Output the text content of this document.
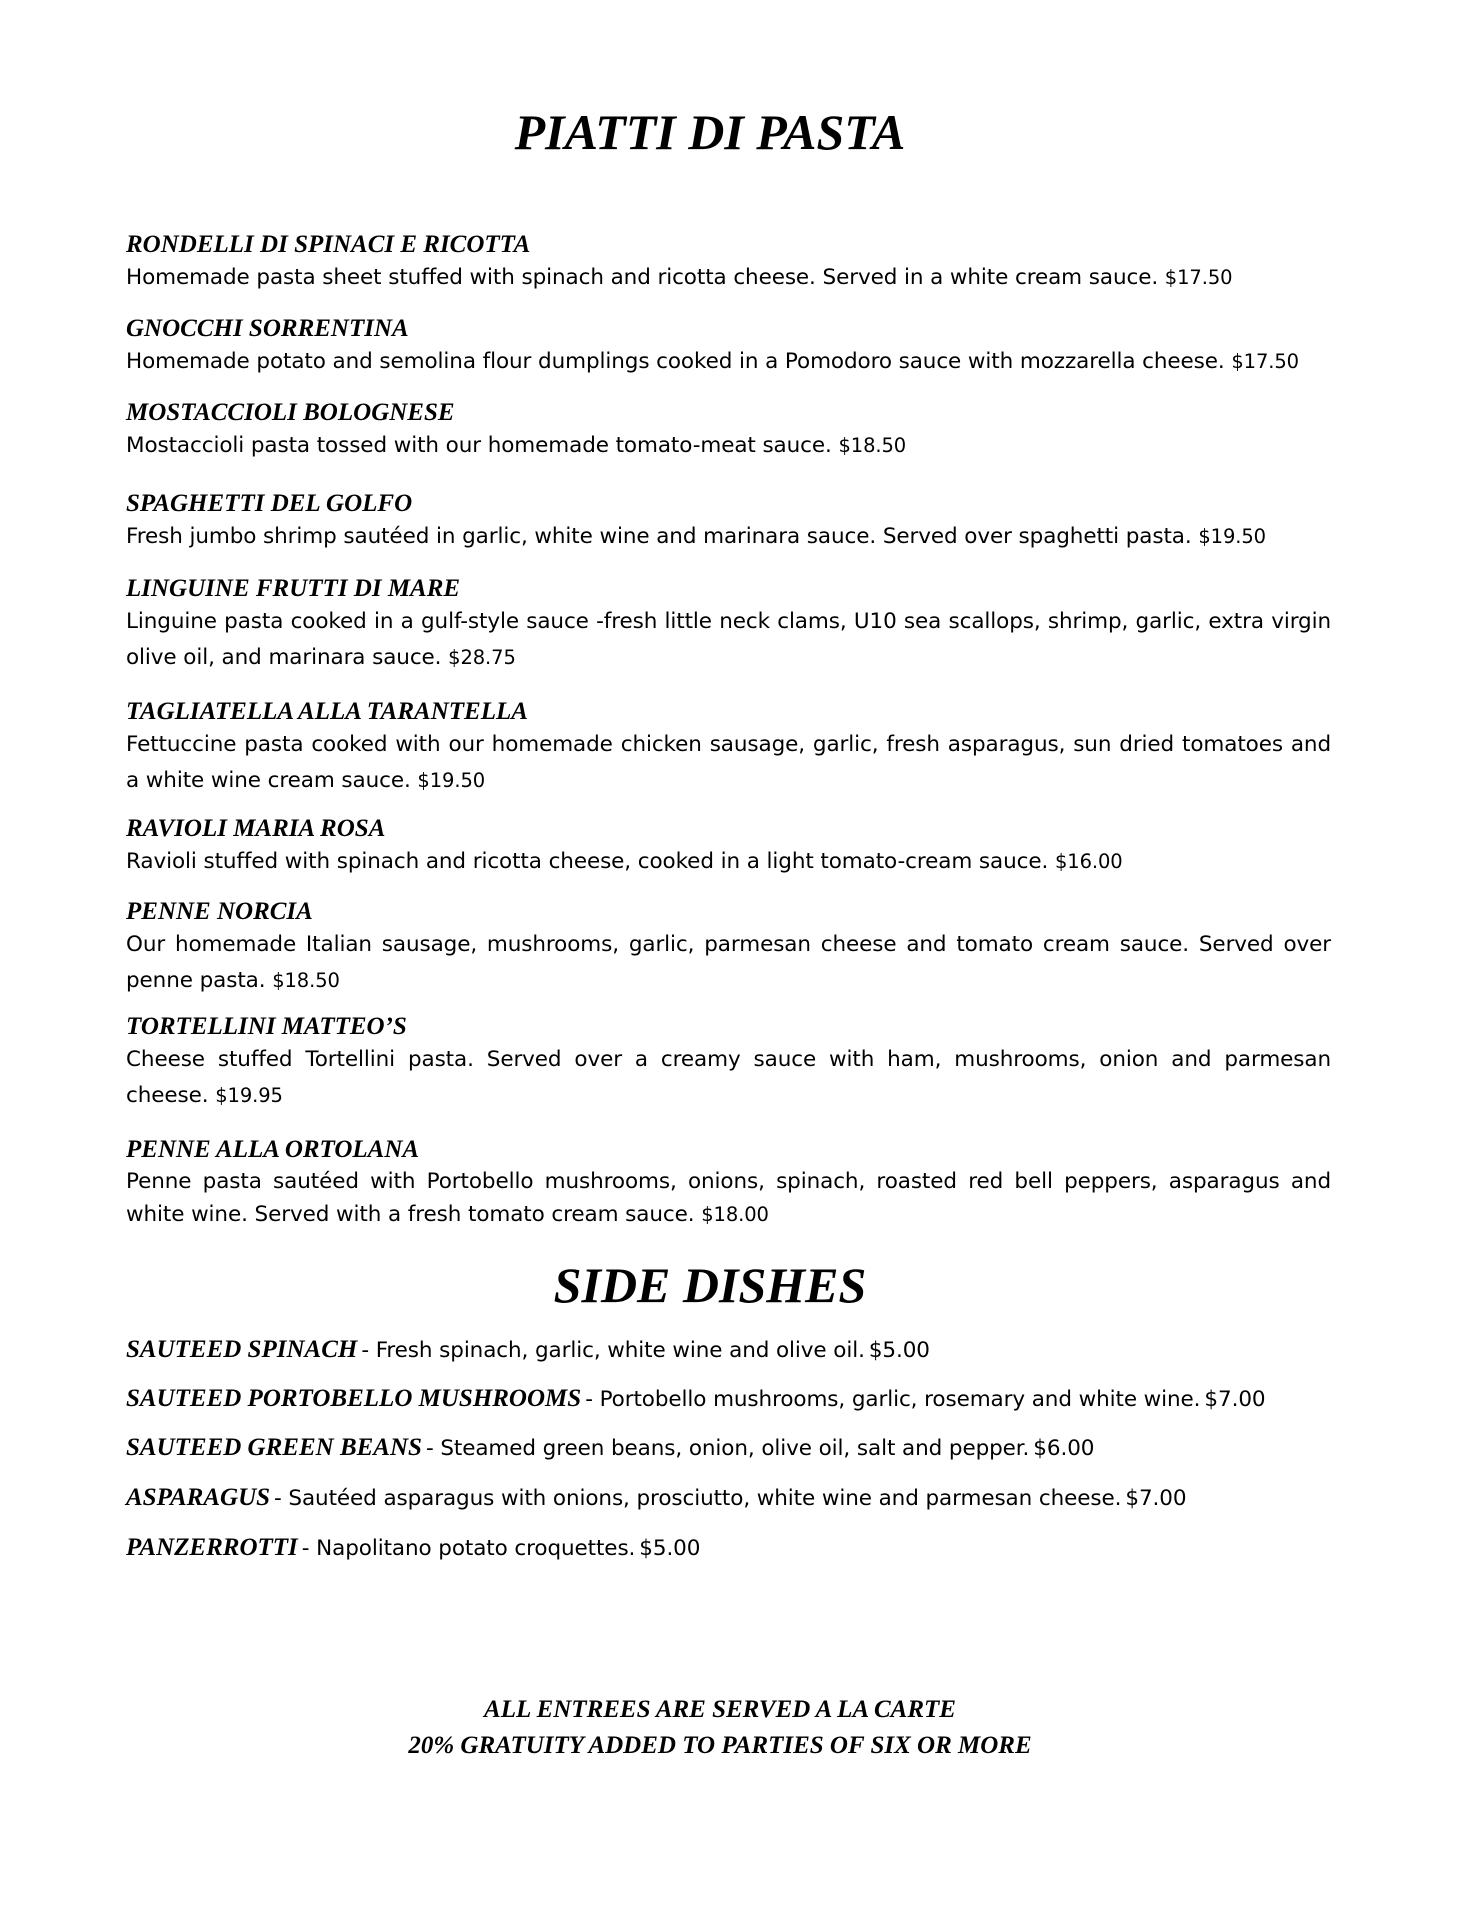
PIATTI DI PASTA

RONDELLI DI SPINACI E RICOTTA

Homemade pasta sheet stuffed with spinach and ricotta cheese. Served in a white cream sauce. $17.50

GNOCCHI SORRENTINA

Homemade potato and semolina flour dumplings cooked in a Pomodoro sauce with mozzarella cheese. $17.50

MOSTACCIOLI BOLOGNESE

Mostaccioli pasta tossed with our homemade tomato-meat sauce. $18.50

SPAGHETTI DEL GOLFO

Fresh jumbo shrimp sautéed in garlic, white wine and marinara sauce. Served over spaghetti pasta. $19.50

LINGUINE FRUTTI DI MARE

Linguine pasta cooked in a gulf-style sauce -fresh little neck clams, U10 sea scallops, shrimp, garlic, extra virgin olive oil, and marinara sauce. $28.75

TAGLIATELLA ALLA TARANTELLA

Fettuccine pasta cooked with our homemade chicken sausage, garlic, fresh asparagus, sun dried tomatoes and a white wine cream sauce. $19.50

RAVIOLI MARIA ROSA

Ravioli stuffed with spinach and ricotta cheese, cooked in a light tomato-cream sauce. $16.00

PENNE NORCIA

Our homemade Italian sausage, mushrooms, garlic, parmesan cheese and tomato cream sauce. Served over penne pasta. $18.50

TORTELLINI MATTEO’S

Cheese stuffed Tortellini pasta. Served over a creamy sauce with ham, mushrooms, onion and parmesan cheese. $19.95

PENNE ALLA ORTOLANA

Penne pasta sautéed with Portobello mushrooms, onions, spinach, roasted red bell peppers, asparagus and white wine. Served with a fresh tomato cream sauce. $18.00

SIDE DISHES
SAUTEED SPINACH - Fresh spinach, garlic, white wine and olive oil. $5.00
SAUTEED PORTOBELLO MUSHROOMS - Portobello mushrooms, garlic, rosemary and white wine. $7.00
SAUTEED GREEN BEANS - Steamed green beans, onion, olive oil, salt and pepper. $6.00
ASPARAGUS - Sautéed asparagus with onions, prosciutto, white wine and parmesan cheese. $7.00
PANZERROTTI - Napolitano potato croquettes. $5.00
ALL ENTREES ARE SERVED A LA CARTE
20% GRATUITY ADDED TO PARTIES OF SIX OR MORE
